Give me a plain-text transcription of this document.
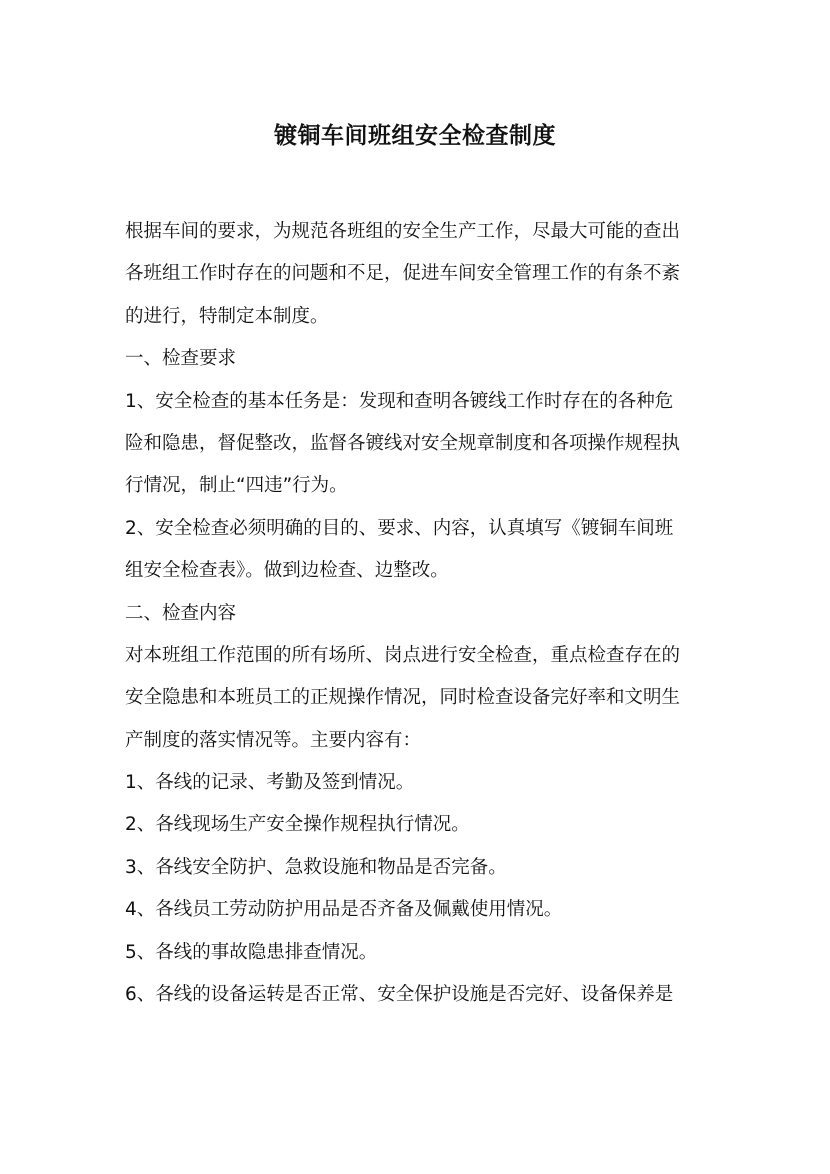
镀铜车间班组安全检查制度
根据车间的要求，为规范各班组的安全生产工作，尽最大可能的查出
各班组工作时存在的问题和不足，促进车间安全管理工作的有条不紊
的进行，特制定本制度。
一、检查要求
1、安全检查的基本任务是：发现和查明各镀线工作时存在的各种危
险和隐患，督促整改，监督各镀线对安全规章制度和各项操作规程执
行情况，制止“四违”行为。
2、安全检查必须明确的目的、要求、内容，认真填写《镀铜车间班
组安全检查表》。做到边检查、边整改。
二、检查内容
对本班组工作范围的所有场所、岗点进行安全检查，重点检查存在的
安全隐患和本班员工的正规操作情况，同时检查设备完好率和文明生
产制度的落实情况等。主要内容有：
1、各线的记录、考勤及签到情况。
2、各线现场生产安全操作规程执行情况。
3、各线安全防护、急救设施和物品是否完备。
4、各线员工劳动防护用品是否齐备及佩戴使用情况。
5、各线的事故隐患排查情况。
6、各线的设备运转是否正常、安全保护设施是否完好、设备保养是
